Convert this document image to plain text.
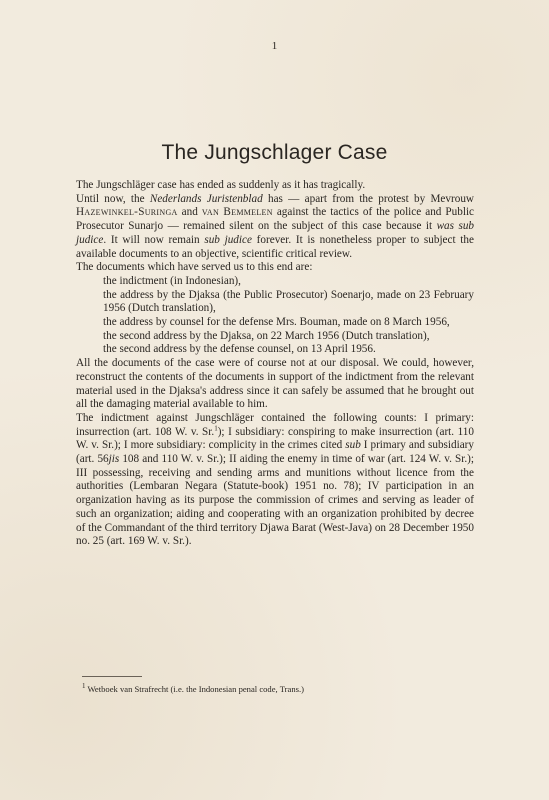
1
The Jungschlager Case

The Jungschläger case has ended as suddenly as it has tragically.

Until now, the Nederlands Juristenblad has — apart from the protest by Mevrouw Hazewinkel-Suringa and van Bemmelen against the tactics of the police and Public Prosecutor Sunarjo — remained silent on the subject of this case because it was sub judice. It will now remain sub judice forever. It is nonetheless proper to subject the available documents to an objective, scientific critical review.

The documents which have served us to this end are:

the indictment (in Indonesian),
the address by the Djaksa (the Public Prosecutor) Soenarjo, made on 23 February 1956 (Dutch translation),
the address by counsel for the defense Mrs. Bouman, made on 8 March 1956,
the second address by the Djaksa, on 22 March 1956 (Dutch translation),
the second address by the defense counsel, on 13 April 1956.

All the documents of the case were of course not at our disposal. We could, however, reconstruct the contents of the documents in support of the indictment from the relevant material used in the Djaksa's address since it can safely be assumed that he brought out all the damaging material available to him.

The indictment against Jungschläger contained the following counts: I primary: insurrection (art. 108 W. v. Sr.$^1$); I subsidiary: conspiring to make insurrection (art. 110 W. v. Sr.); I more subsidiary: complicity in the crimes cited sub I primary and subsidiary (art. 56jis 108 and 110 W. v. Sr.); II aiding the enemy in time of war (art. 124 W. v. Sr.); III possessing, receiving and sending arms and munitions without licence from the authorities (Lembaran Negara (Statute-book) 1951 no. 78); IV participation in an organization having as its purpose the commission of crimes and serving as leader of such an organization; aiding and cooperating with an organization prohibited by decree of the Commandant of the third territory Djawa Barat (West-Java) on 28 December 1950 no. 25 (art. 169 W. v. Sr.).

$^1$ Wetboek van Strafrecht (i.e. the Indonesian penal code, Trans.)
